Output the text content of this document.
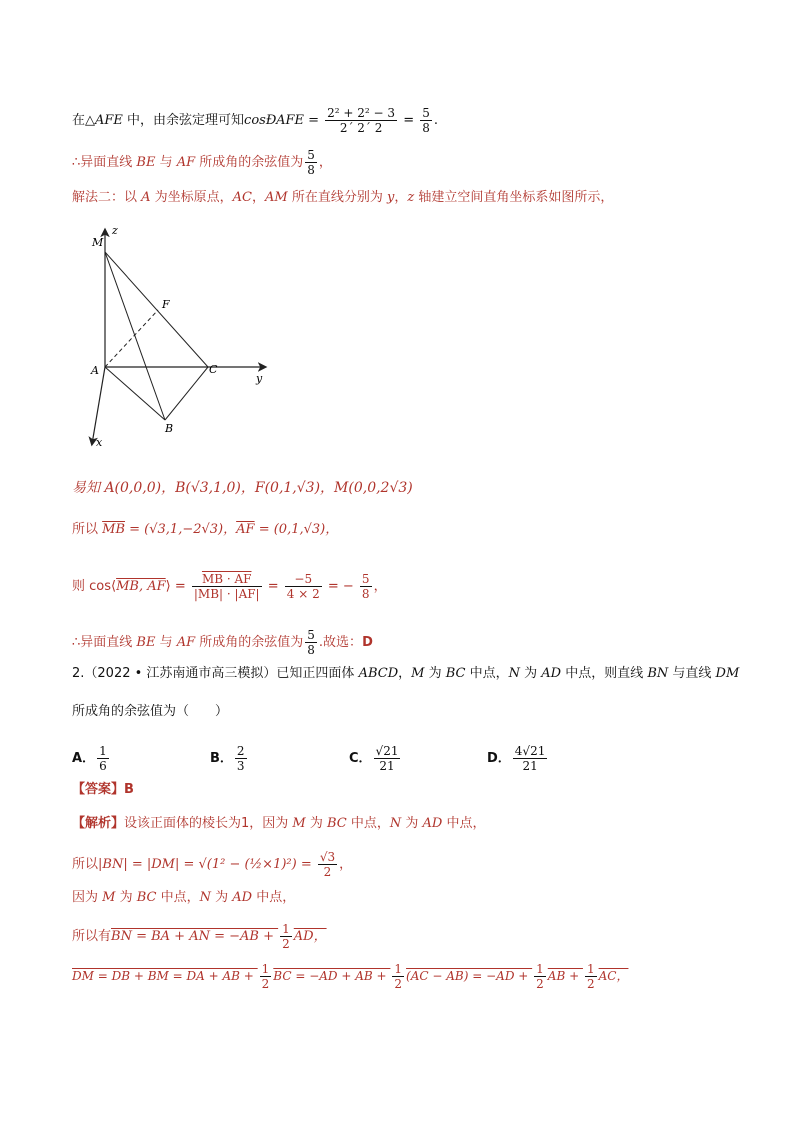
在△AFE 中，由余弦定理可知cosÐAFE = $\frac{\text{2² + 2² − 3}}{2´ 2´ 2} = \frac{5}{8}$ .
∴异面直线 BE 与 AF 所成角的余弦值为 $\frac{5}{8}$ ，
解法二：以 A 为坐标原点，AC，AM 所在直线分别为 y，z 轴建立空间直角坐标系如图所示，
M
z
F
A	C
y
B
x
易知 A(0,0,0)，B(√3,1,0)，F(0,1,√3)，M(0,0,2√3)
所以 $\overline{MB} = (√3,1,-2√3)$，$\overline{AF} = (0,1,√3)$，
则 cos⟨MB, AF⟩ = $\frac{MB \cdot AF}{|MB| \cdot |AF|} = \frac{-5}{4 \times 2}$ = − $\frac{5}{8}$ ，
∴异面直线 BE 与 AF 所成角的余弦值为 $\frac{5}{8}$ .故选：D
2.（2022 • 江苏南通市高三模拟）已知正四面体 ABCD，M 为 BC 中点，N 为 AD 中点，则直线 BN 与直线 DM
所成角的余弦值为（　　）
A． $\frac{1}{6}$	B． $\frac{2}{3}$	C． $\frac{√21}{21}$	D． $\frac{4√21}{21}$
【答案】B
【解析】设该正面体的棱长为1，因为 M 为 BC 中点，N 为 AD 中点，
所以|BN| = |DM| = √(1² − (½×1)²) = $\frac{√3}{2}$ ，
因为 M 为 BC 中点，N 为 AD 中点，
所以有BN = BA + AN = $-AB + \frac{1}{2}$ AD，
DM = DB + BM = DA + AB + $\frac{1}{2}$ BC = −AD + AB + $\frac{1}{2} (AC - AB) = -AD + \frac{1}{2}$ AB + $\frac{1}{2}$ AC，
